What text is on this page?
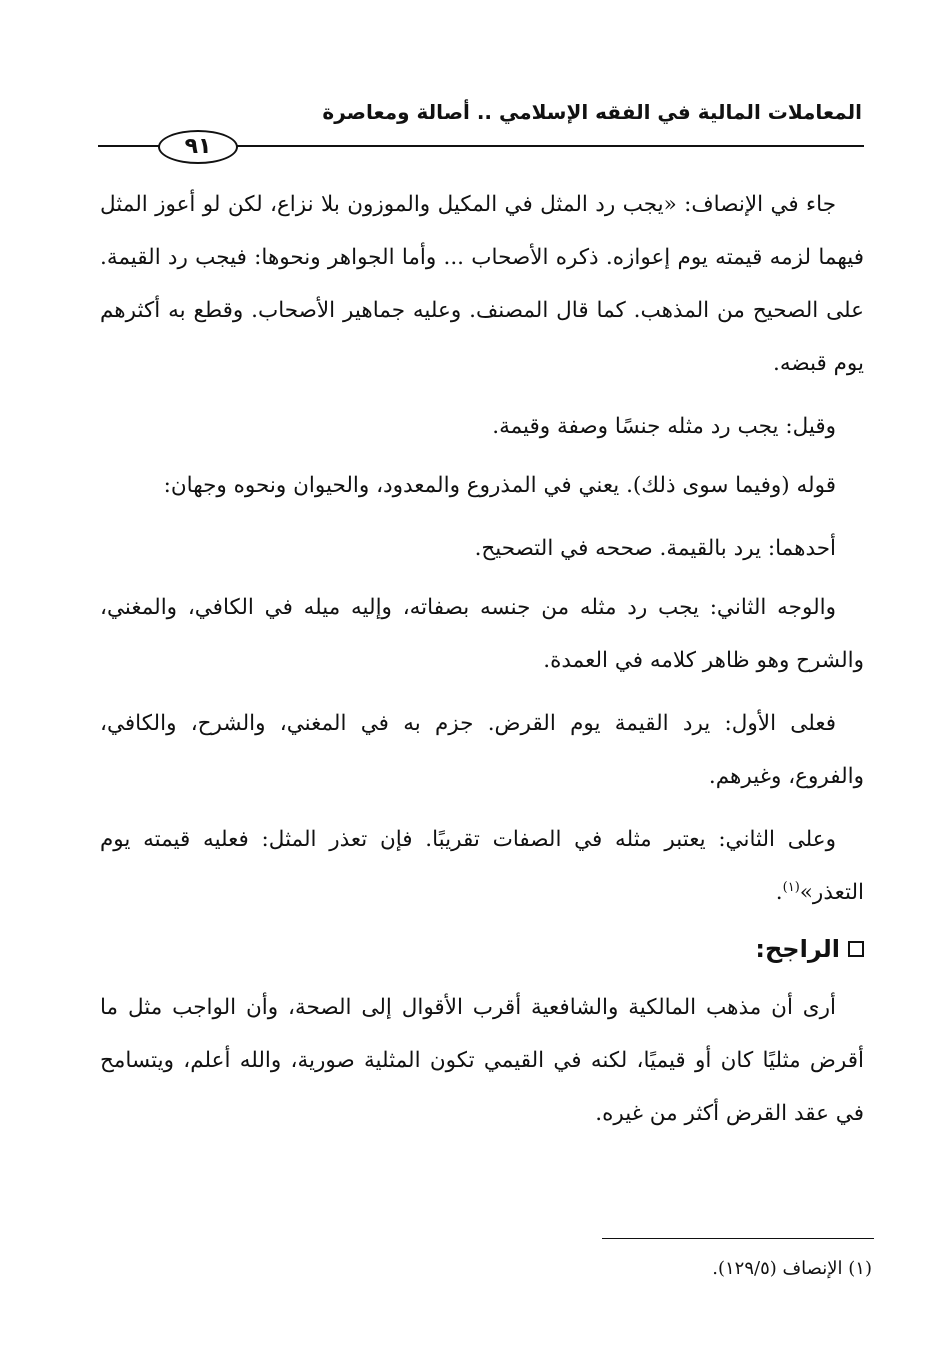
المعاملات المالية في الفقه الإسلامي .. أصالة ومعاصرة
٩١

جاء في الإنصاف: «يجب رد المثل في المكيل والموزون بلا نزاع، لكن لو أعوز المثل فيهما لزمه قيمته يوم إعوازه. ذكره الأصحاب ... وأما الجواهر ونحوها: فيجب رد القيمة. على الصحيح من المذهب. كما قال المصنف. وعليه جماهير الأصحاب. وقطع به أكثرهم يوم قبضه.

وقيل: يجب رد مثله جنسًا وصفة وقيمة.

قوله (وفيما سوى ذلك). يعني في المذروع والمعدود، والحيوان ونحوه وجهان:

أحدهما: يرد بالقيمة. صححه في التصحيح.

والوجه الثاني: يجب رد مثله من جنسه بصفاته، وإليه ميله في الكافي، والمغني، والشرح وهو ظاهر كلامه في العمدة.

فعلى الأول: يرد القيمة يوم القرض. جزم به في المغني، والشرح، والكافي، والفروع، وغيرهم.

وعلى الثاني: يعتبر مثله في الصفات تقريبًا. فإن تعذر المثل: فعليه قيمته يوم التعذر»$^{(١)}$.

الراجح:

أرى أن مذهب المالكية والشافعية أقرب الأقوال إلى الصحة، وأن الواجب مثل ما أقرض مثليًا كان أو قيميًا، لكنه في القيمي تكون المثلية صورية، والله أعلم، ويتسامح في عقد القرض أكثر من غيره.

(١) الإنصاف (١٢٩/٥).
